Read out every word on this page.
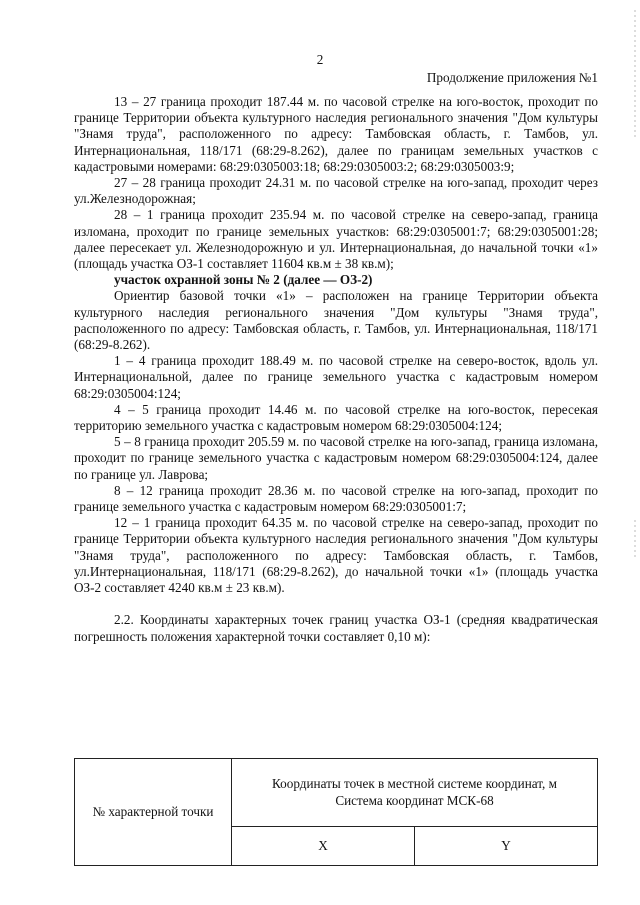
2
Продолжение приложения №1

13 – 27 граница проходит 187.44 м. по часовой стрелке на юго-восток, проходит по границе Территории объекта культурного наследия регионального значения "Дом культуры "Знамя труда", расположенного по адресу: Тамбовская область, г. Тамбов, ул. Интернациональная, 118/171 (68:29-8.262), далее по границам земельных участков с кадастровыми номерами: 68:29:0305003:18; 68:29:0305003:2; 68:29:0305003:9;

27 – 28 граница проходит 24.31 м. по часовой стрелке на юго-запад, проходит через ул.Железнодорожная;

28 – 1 граница проходит 235.94 м. по часовой стрелке на северо-запад, граница изломана, проходит по границе земельных участков: 68:29:0305001:7; 68:29:0305001:28; далее пересекает ул. Железнодорожную и ул. Интернациональная, до начальной точки «1» (площадь участка ОЗ-1 составляет 11604 кв.м ± 38 кв.м);

участок охранной зоны № 2 (далее — ОЗ-2)

Ориентир базовой точки «1» – расположен на границе Территории объекта культурного наследия регионального значения "Дом культуры "Знамя труда", расположенного по адресу: Тамбовская область, г. Тамбов, ул. Интернациональная, 118/171 (68:29-8.262).

1 – 4 граница проходит 188.49 м. по часовой стрелке на северо-восток, вдоль ул. Интернациональной, далее по границе земельного участка с кадастровым номером 68:29:0305004:124;

4 – 5 граница проходит 14.46 м. по часовой стрелке на юго-восток, пересекая территорию земельного участка с кадастровым номером 68:29:0305004:124;

5 – 8 граница проходит 205.59 м. по часовой стрелке на юго-запад, граница изломана, проходит по границе земельного участка с кадастровым номером 68:29:0305004:124, далее по границе ул. Лаврова;

8 – 12 граница проходит 28.36 м. по часовой стрелке на юго-запад, проходит по границе земельного участка с кадастровым номером 68:29:0305001:7;

12 – 1 граница проходит 64.35 м. по часовой стрелке на северо-запад, проходит по границе Территории объекта культурного наследия регионального значения "Дом культуры "Знамя труда", расположенного по адресу: Тамбовская область, г. Тамбов, ул.Интернациональная, 118/171 (68:29-8.262), до начальной точки «1» (площадь участка ОЗ-2 составляет 4240 кв.м ± 23 кв.м).

2.2. Координаты характерных точек границ участка ОЗ-1 (средняя квадратическая погрешность положения характерной точки составляет 0,10 м):

№ характерной точки	Координаты точек в местной системе координат, м
Система координат МСК-68	

	X	Y
